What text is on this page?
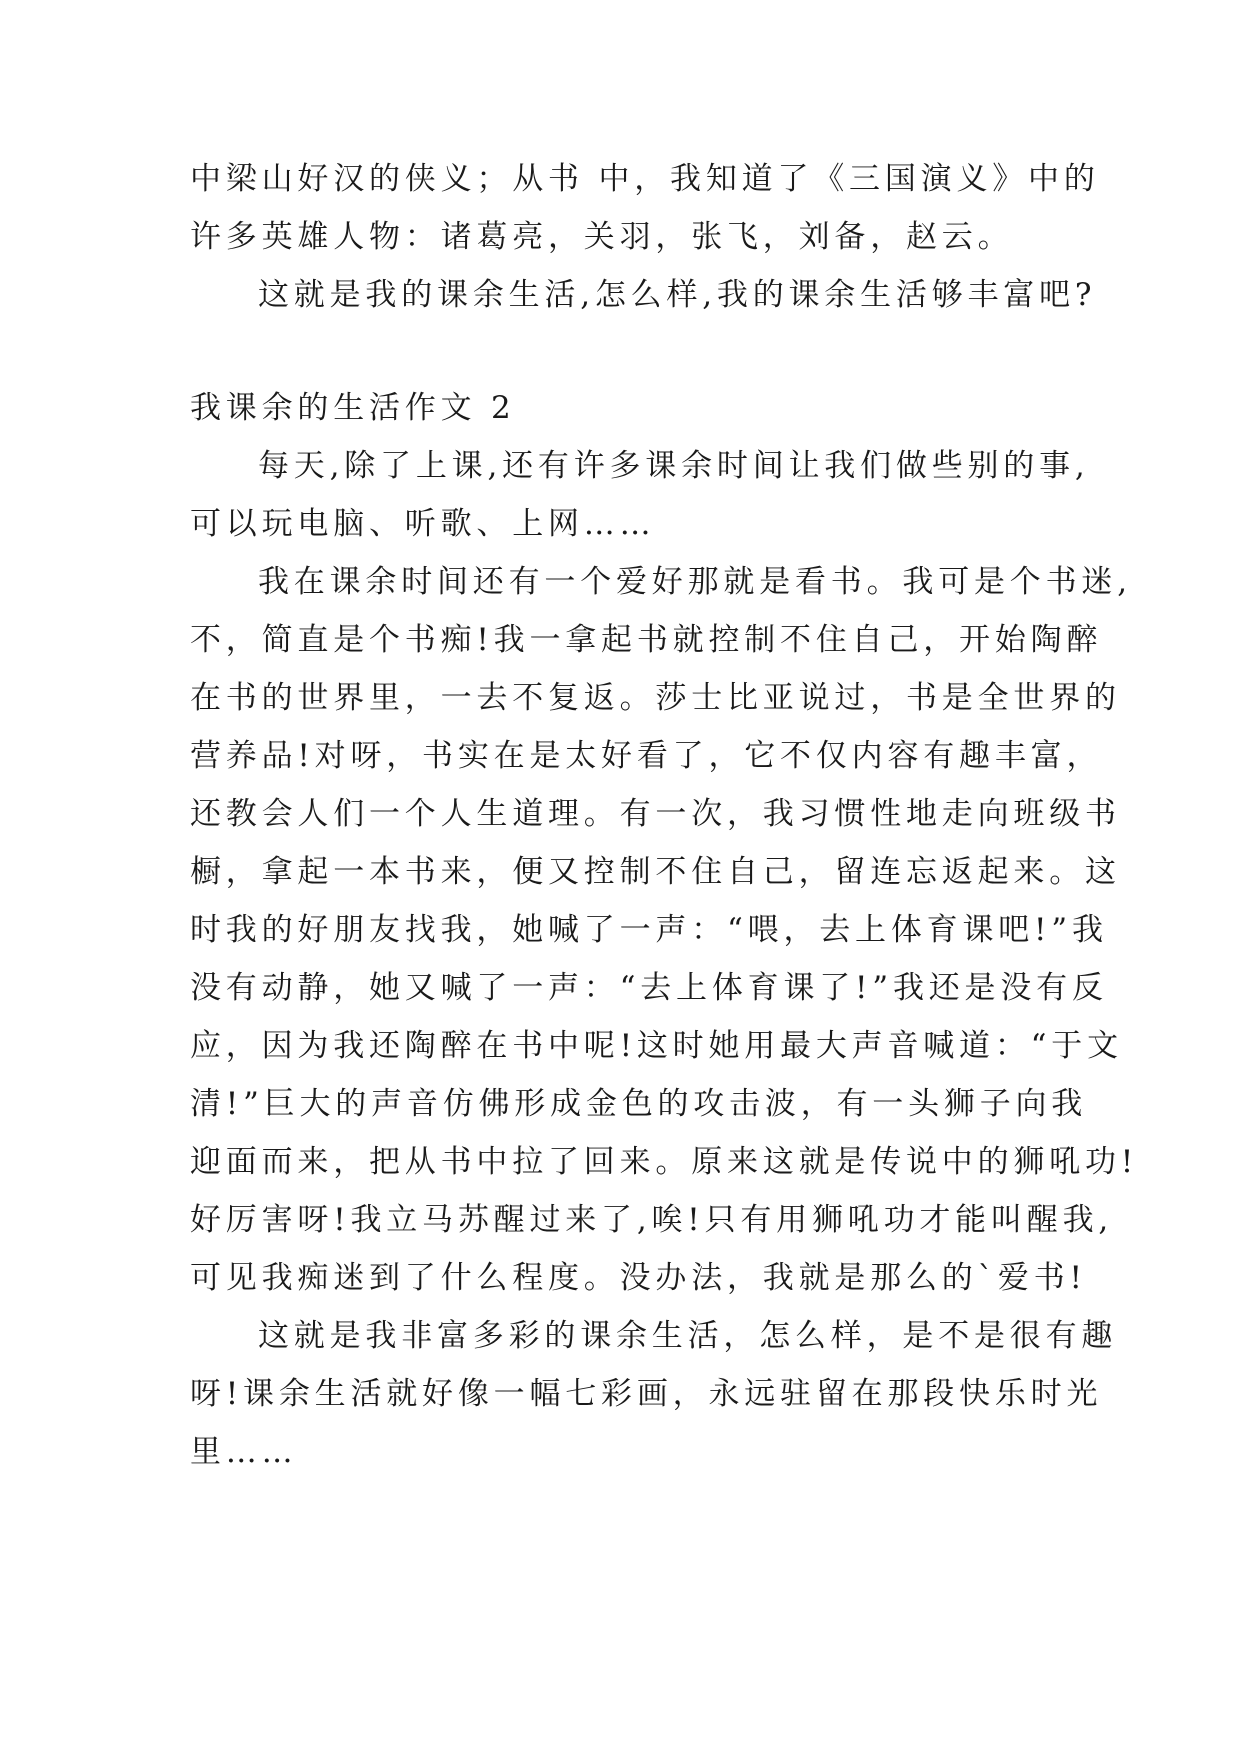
中梁山好汉的侠义；从书 中，我知道了《三国演义》中的
许多英雄人物：诸葛亮，关羽，张飞，刘备，赵云。
这就是我的课余生活,怎么样,我的课余生活够丰富吧?
我课余的生活作文 2
每天,除了上课,还有许多课余时间让我们做些别的事,
可以玩电脑、听歌、上网……
我在课余时间还有一个爱好那就是看书。我可是个书迷,
不，简直是个书痴!我一拿起书就控制不住自己，开始陶醉
在书的世界里，一去不复返。莎士比亚说过，书是全世界的
营养品!对呀，书实在是太好看了，它不仅内容有趣丰富，
还教会人们一个人生道理。有一次，我习惯性地走向班级书
橱，拿起一本书来，便又控制不住自己，留连忘返起来。这
时我的好朋友找我，她喊了一声：“喂，去上体育课吧!”我
没有动静，她又喊了一声：“去上体育课了!”我还是没有反
应，因为我还陶醉在书中呢!这时她用最大声音喊道：“于文
清!”巨大的声音仿佛形成金色的攻击波，有一头狮子向我
迎面而来，把从书中拉了回来。原来这就是传说中的狮吼功!
好厉害呀!我立马苏醒过来了,唉!只有用狮吼功才能叫醒我,
可见我痴迷到了什么程度。没办法，我就是那么的`爱书!
这就是我非富多彩的课余生活，怎么样，是不是很有趣
呀!课余生活就好像一幅七彩画，永远驻留在那段快乐时光
里……
